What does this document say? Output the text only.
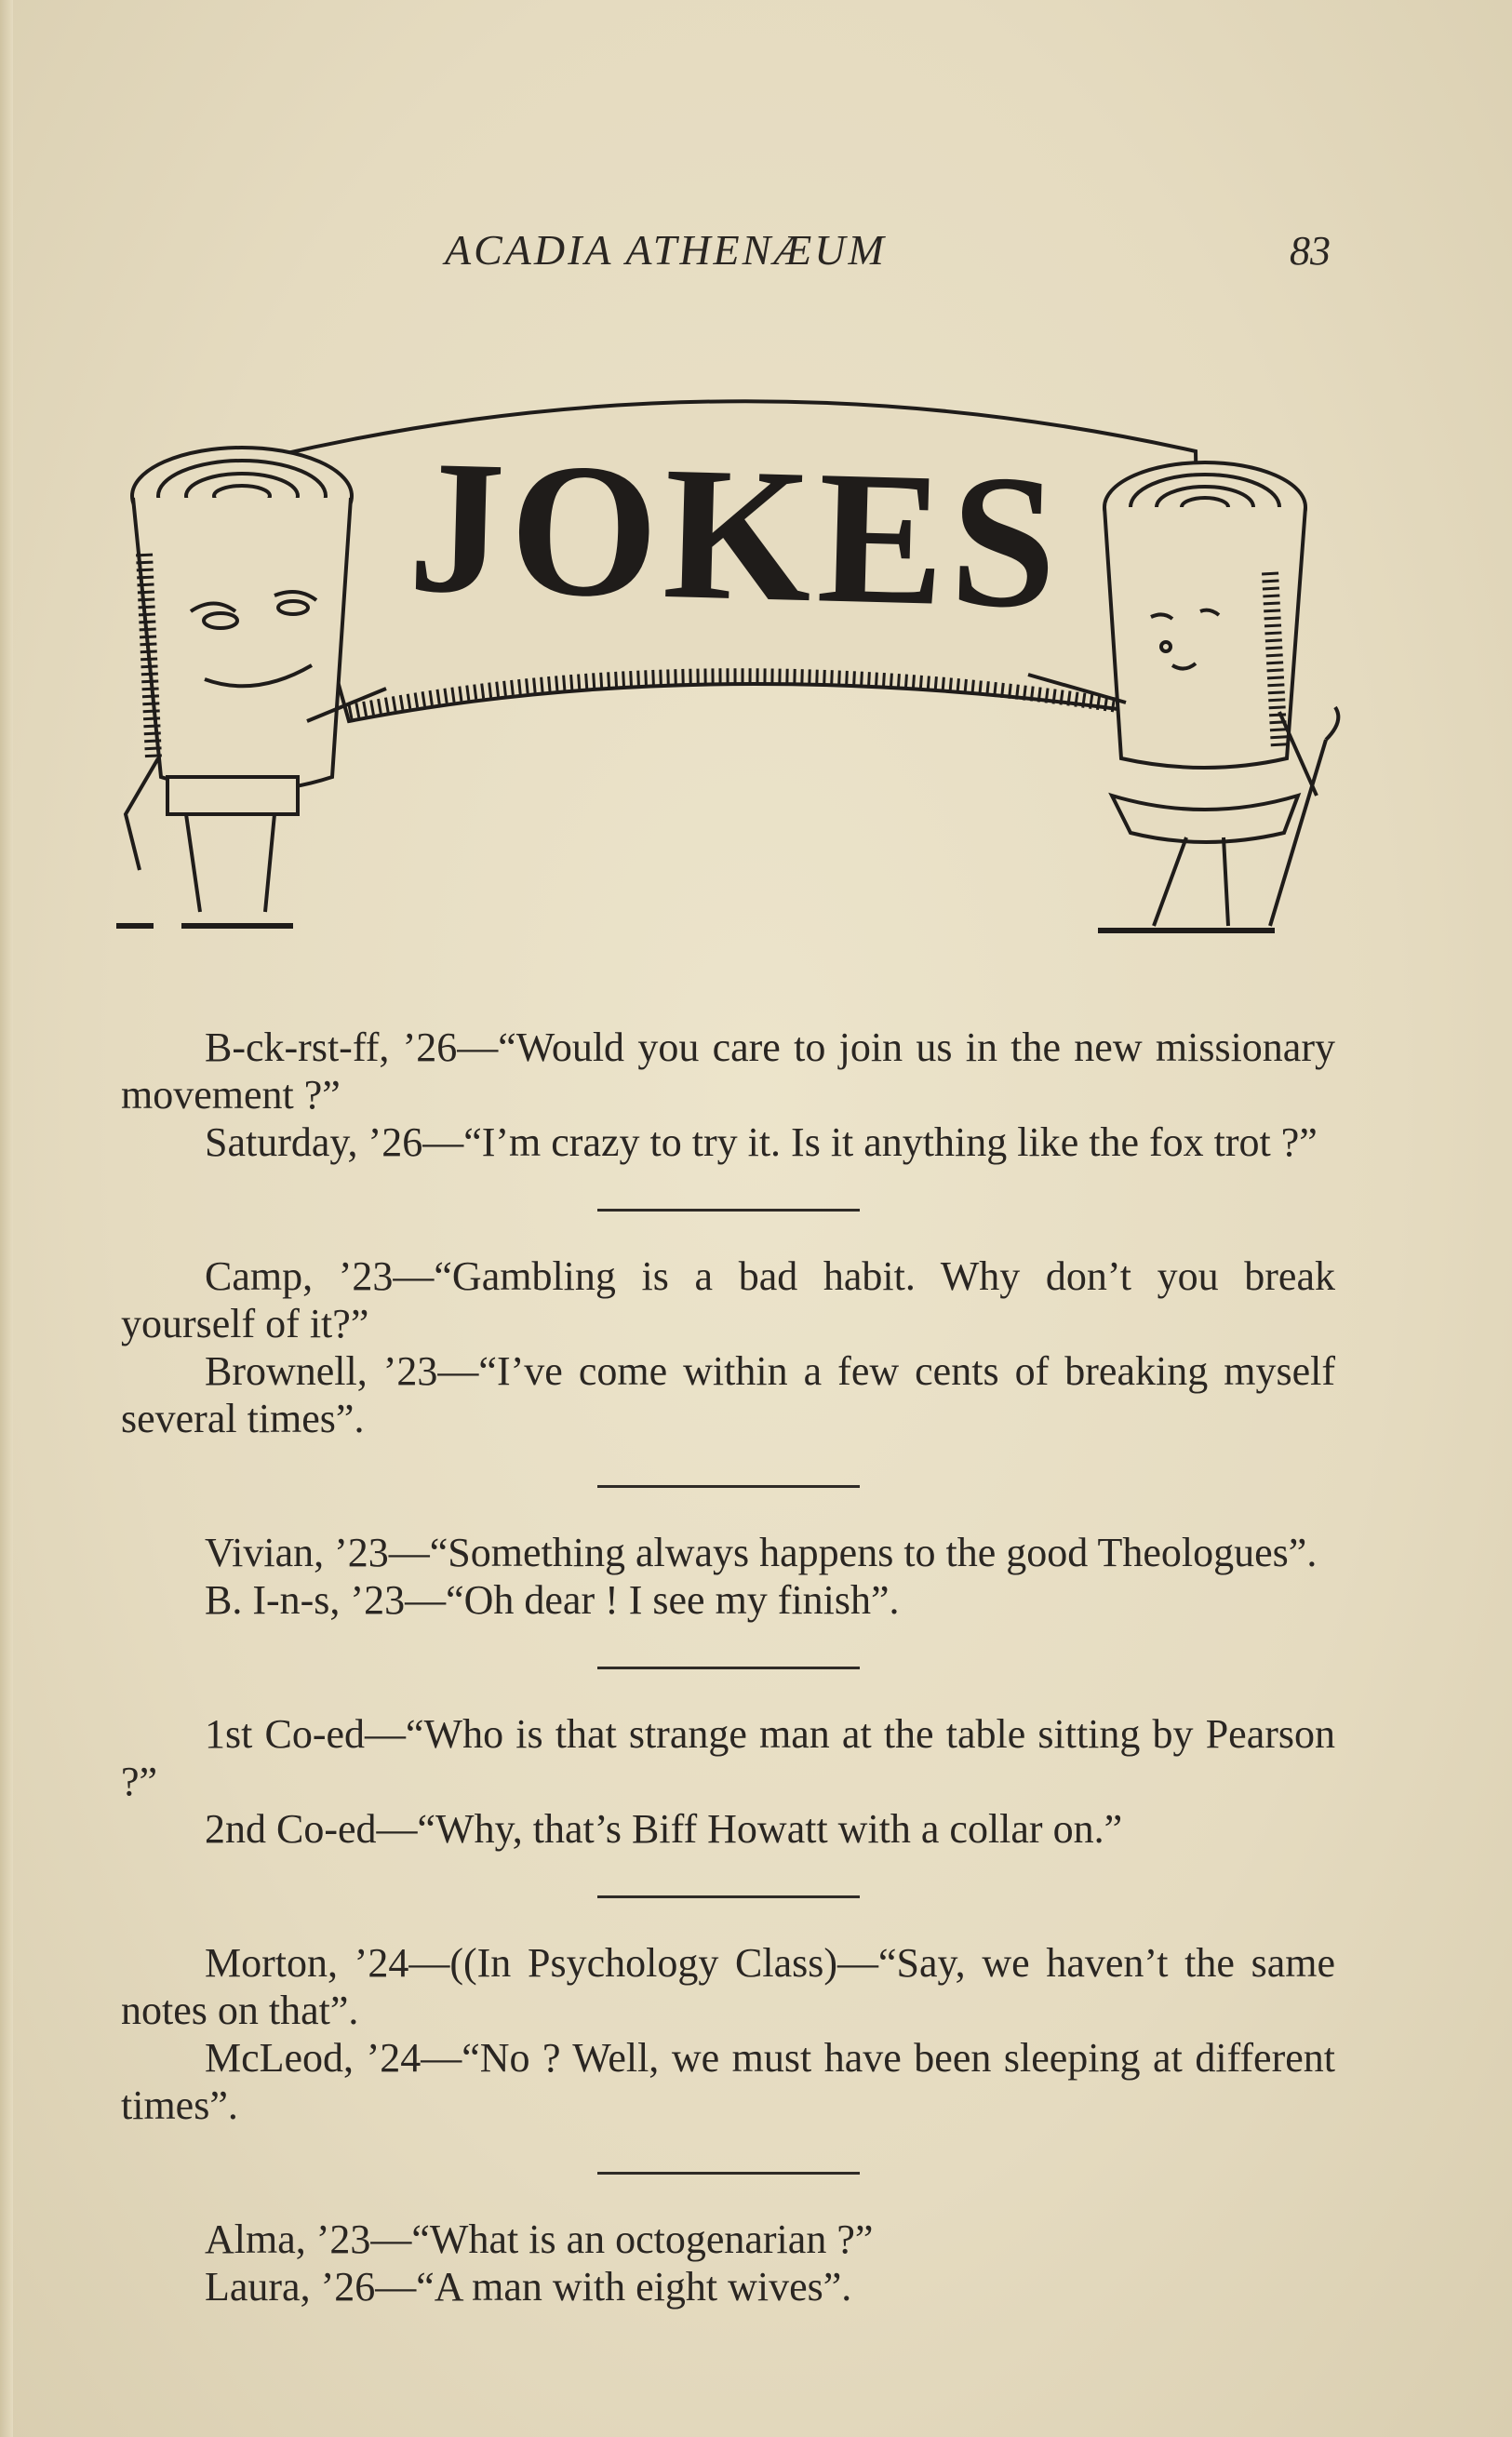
ACADIA ATHENÆUM	83
JOKES

B-ck-rst-ff, ’26—“Would you care to join us in the new missionary movement ?”

Saturday, ’26—“I’m crazy to try it. Is it anything like the fox trot ?”

Camp, ’23—“Gambling is a bad habit. Why don’t you break yourself of it?”

Brownell, ’23—“I’ve come within a few cents of breaking myself several times”.

Vivian, ’23—“Something always happens to the good Theologues”.

B. I-n-s, ’23—“Oh dear ! I see my finish”.

1st Co-ed—“Who is that strange man at the table sitting by Pearson ?”

2nd Co-ed—“Why, that’s Biff Howatt with a collar on.”

Morton, ’24—((In Psychology Class)—“Say, we haven’t the same notes on that”.

McLeod, ’24—“No ? Well, we must have been sleeping at different times”.

Alma, ’23—“What is an octogenarian ?”

Laura, ’26—“A man with eight wives”.
